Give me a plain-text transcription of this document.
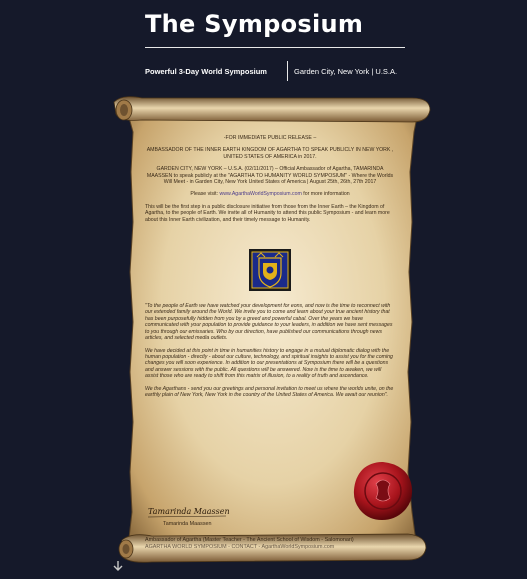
The Symposium
Powerful 3-Day World Symposium	Garden City, New York | U.S.A.

-FOR IMMEDIATE PUBLIC RELEASE –

AMBASSADOR OF THE INNER EARTH KINGDOM OF AGARTHA TO SPEAK PUBLICLY IN NEW YORK , UNITED STATES OF AMERICA in 2017.

GARDEN CITY, NEW YORK – U.S.A. (02/11/2017) – Official Ambassador of Agartha, TAMARINDA MAASSEN to speak publicly at the "AGARTHA TO HUMANITY WORLD SYMPOSIUM" - Where the Worlds Will Meet - in Garden City, New York United States of America | August 25th, 26th, 27th 2017

Please visit: www.AgarthaWorldSymposium.com for more information

This will be the first step in a public disclosure initiative from those from the Inner Earth – the Kingdom of Agartha, to the people of Earth. We invite all of Humanity to attend this public Symposium - and learn more about this Inner Earth civilization, and their timely message to Humanity.

"To the people of Earth we have watched your development for eons, and now is the time to reconnect with our extended family around the World. We invite you to come and learn about your true ancient history that has been purposefully hidden from you by a greed and powerful cabal. Over the years we have communicated with your population to provide guidance to your leaders, in addition we have sent messages to you through our emissaries. Who by our direction, have published our communications through news articles, and selected media outlets.

We have decided at this point in time in humanities history to engage in a mutual diplomatic dialog with the human population - directly - about our culture, technology, and spiritual insights to assist you for the coming changes you will soon experience. In addition to our presentations at Symposium there will be a questions and answer sessions with the public. All questions will be answered. Now is the time to awaken, we will assist those who are ready to shift from this matrix of illusion, to a reality of truth and ascendance.

We the Agarthans - send you our greetings and personal invitation to meet us where the worlds unite, on the earthly plain of New York, New York in the country of the United States of America. We await our reunion".

Tamarinda Maassen
Tamarinda Maassen
Ambassador of Agartha (Master Teacher - The Ancient School of Wisdom - Salomonari)
AGARTHA WORLD SYMPOSIUM - CONTACT - AgarthaWorldSymposium.com
